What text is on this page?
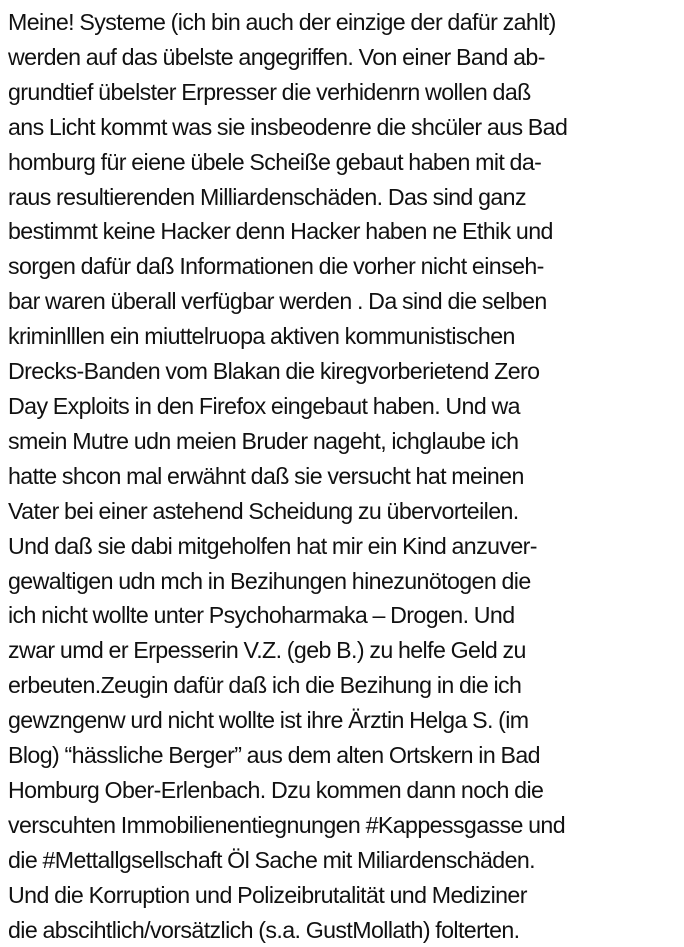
Meine! Systeme (ich bin auch der einzige der dafür zahlt)
werden auf das übelste angegriffen. Von einer Band ab-
grundtief übelster Erpresser die verhidenrn wollen daß
ans Licht kommt was sie insbeodenre die shcüler aus Bad
homburg für eiene übele Scheiße gebaut haben mit da-
raus resultierenden Milliardenschäden. Das sind ganz
bestimmt keine Hacker denn Hacker haben ne Ethik und
sorgen dafür daß Informationen die vorher nicht einseh-
bar waren überall verfügbar werden . Da sind die selben
kriminlllen ein miuttelruopa aktiven kommunistischen
Drecks-Banden vom Blakan die kiregvorberietend Zero
Day Exploits in den Firefox eingebaut haben. Und wa
smein Mutre udn meien Bruder nageht, ichglaube ich
hatte shcon mal erwähnt daß sie versucht hat meinen
Vater bei einer astehend Scheidung zu übervorteilen.
Und daß sie dabi mitgeholfen hat mir ein Kind anzuver-
gewaltigen udn mch in Bezihungen hinezunötogen die
ich nicht wollte unter Psychoharmaka – Drogen. Und
zwar umd er Erpesserin V.Z. (geb B.) zu helfe Geld zu
erbeuten.Zeugin dafür daß ich die Bezihung in die ich
gewzngenw urd nicht wollte ist ihre Ärztin Helga S. (im
Blog) “hässliche Berger” aus dem alten Ortskern in Bad
Homburg Ober-Erlenbach. Dzu kommen dann noch die
verscuhten Immobilienentiegnungen #Kappessgasse und
die #Mettallgsellschaft Öl Sache mit Miliardenschäden.
Und die Korruption und Polizeibrutalität und Mediziner
die abscihtlich/vorsätzlich (s.a. GustMollath) folterten.
